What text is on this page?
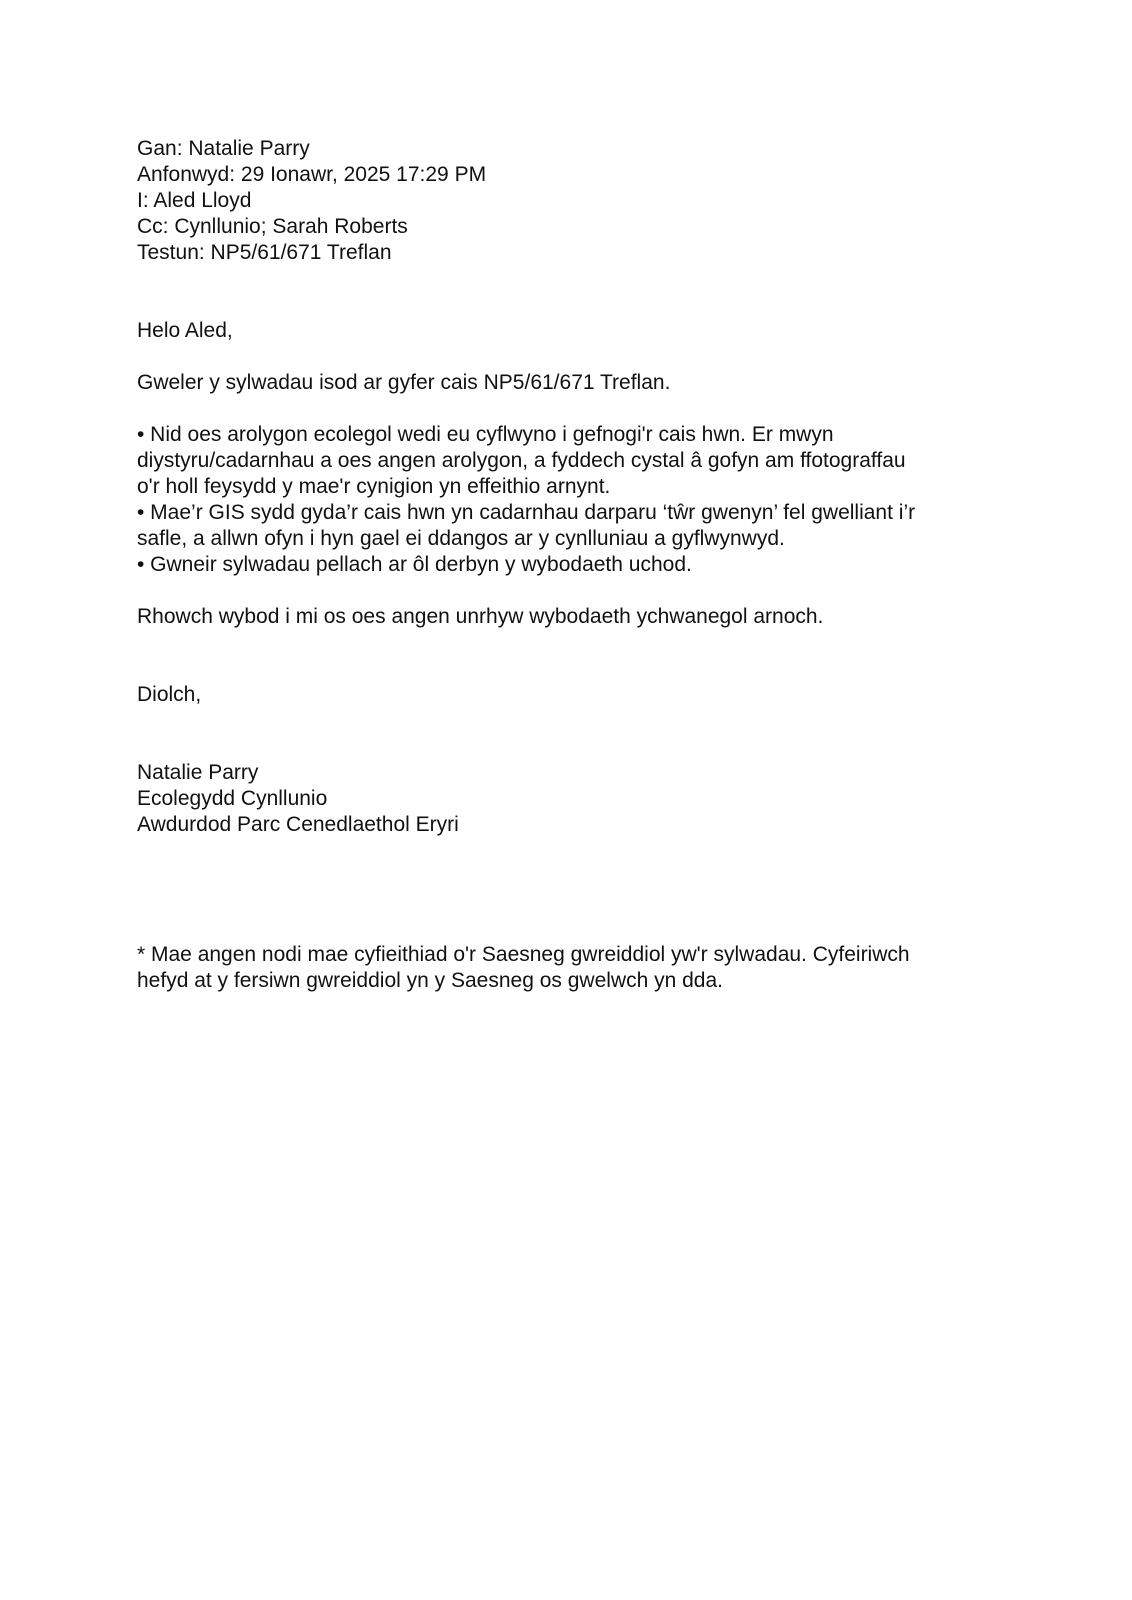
Gan: Natalie Parry
Anfonwyd: 29 Ionawr, 2025 17:29 PM
I: Aled Lloyd
Cc: Cynllunio; Sarah Roberts
Testun: NP5/61/671 Treflan
Helo Aled,
Gweler y sylwadau isod ar gyfer cais NP5/61/671 Treflan.
• Nid oes arolygon ecolegol wedi eu cyflwyno i gefnogi'r cais hwn. Er mwyn
diystyru/cadarnhau a oes angen arolygon, a fyddech cystal â gofyn am ffotograffau
o'r holl feysydd y mae'r cynigion yn effeithio arnynt.
• Mae’r GIS sydd gyda’r cais hwn yn cadarnhau darparu ‘tŵr gwenyn’ fel gwelliant i’r
safle, a allwn ofyn i hyn gael ei ddangos ar y cynlluniau a gyflwynwyd.
• Gwneir sylwadau pellach ar ôl derbyn y wybodaeth uchod.
Rhowch wybod i mi os oes angen unrhyw wybodaeth ychwanegol arnoch.
Diolch,
Natalie Parry
Ecolegydd Cynllunio
Awdurdod Parc Cenedlaethol Eryri
* Mae angen nodi mae cyfieithiad o'r Saesneg gwreiddiol yw'r sylwadau. Cyfeiriwch
hefyd at y fersiwn gwreiddiol yn y Saesneg os gwelwch yn dda.
